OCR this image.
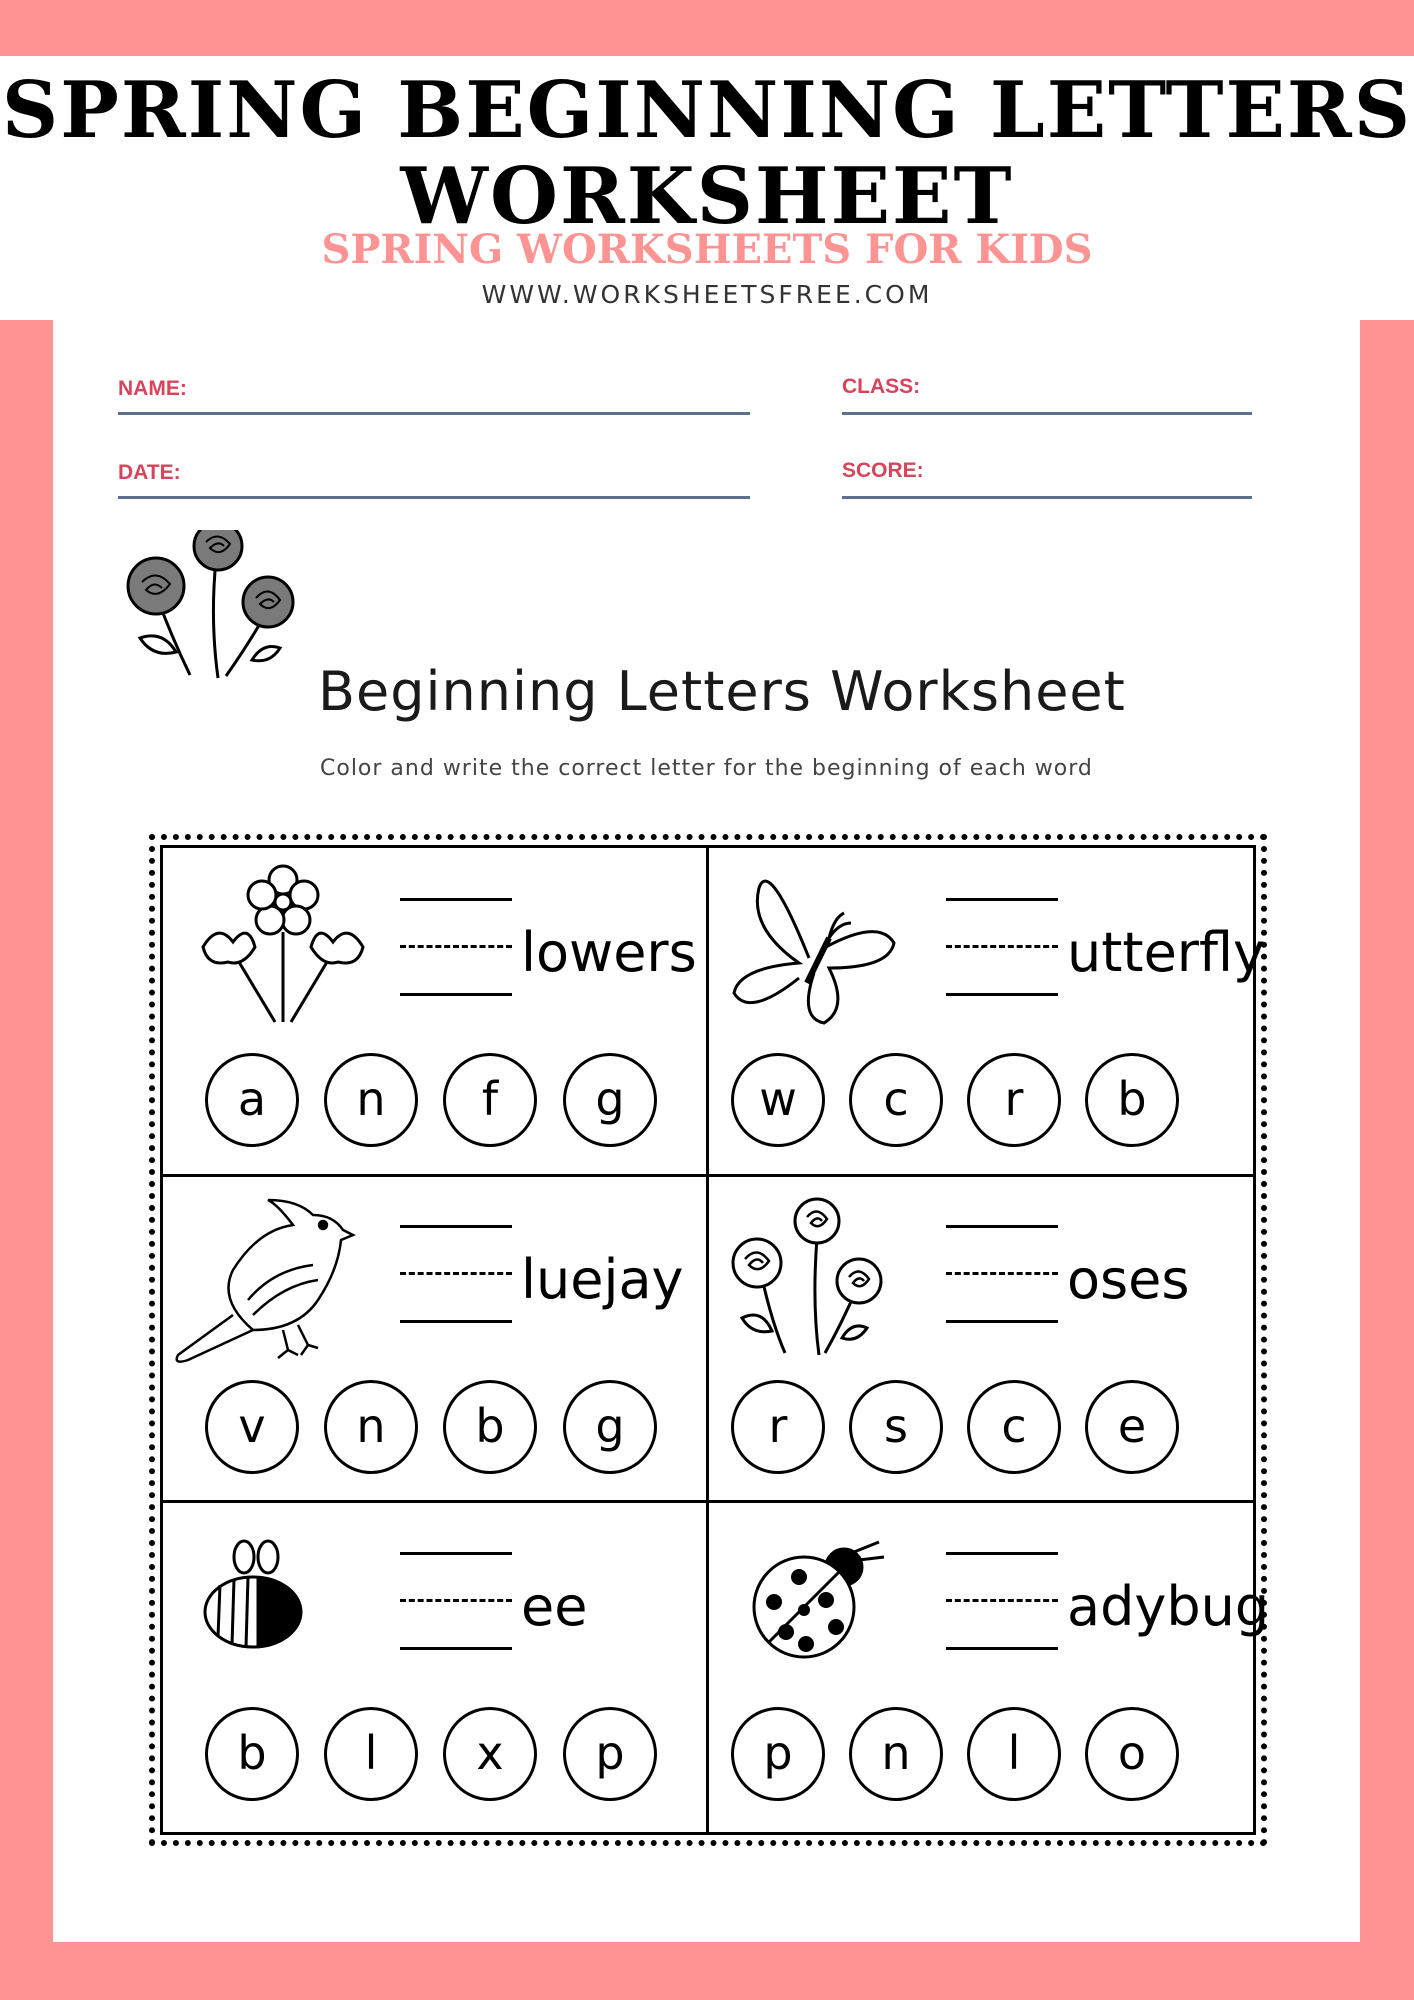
SPRING BEGINNING LETTERS
WORKSHEET
SPRING WORKSHEETS FOR KIDS
WWW.WORKSHEETSFREE.COM
NAME:	CLASS:
DATE:	SCORE:
Beginning Letters Worksheet
Color and write the correct letter for the beginning of each word
lowers
a	n	f	g
utterfly
w	c	r	b
luejay
v	n	b	g
oses
r	s	c	e
ee
b	l	x	p
adybug
p	n	l	o
